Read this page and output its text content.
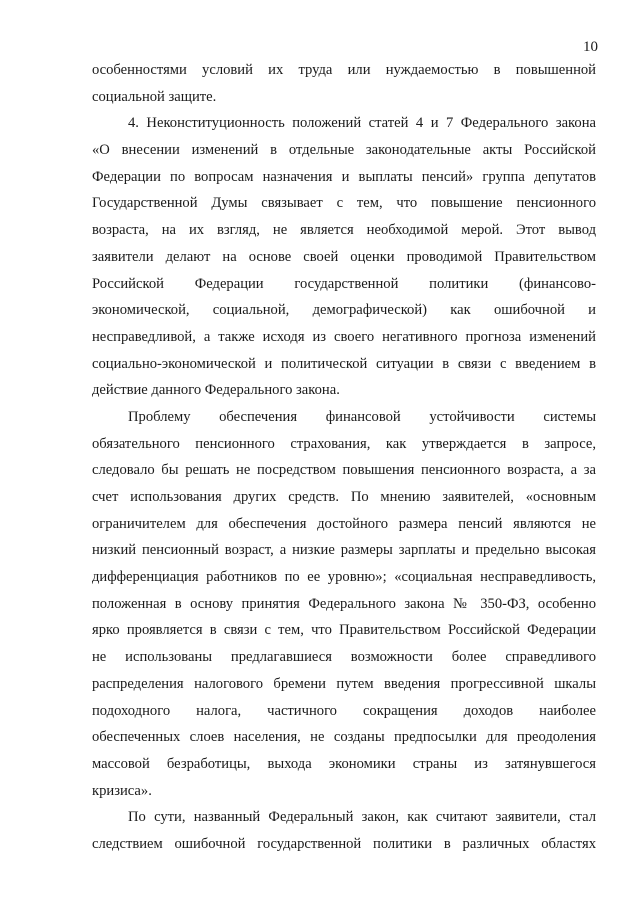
10
особенностями условий их труда или нуждаемостью в повышенной
социальной защите.
4. Неконституционность положений статей 4 и 7 Федерального закона
«О внесении изменений в отдельные законодательные акты Российской
Федерации по вопросам назначения и выплаты пенсий» группа депутатов
Государственной Думы связывает с тем, что повышение пенсионного
возраста, на их взгляд, не является необходимой мерой. Этот вывод
заявители делают на основе своей оценки проводимой Правительством
Российской Федерации государственной политики (финансово-
экономической, социальной, демографической) как ошибочной и
несправедливой, а также исходя из своего негативного прогноза изменений
социально-экономической и политической ситуации в связи с введением в
действие данного Федерального закона.
Проблему обеспечения финансовой устойчивости системы
обязательного пенсионного страхования, как утверждается в запросе,
следовало бы решать не посредством повышения пенсионного возраста, а за
счет использования других средств. По мнению заявителей, «основным
ограничителем для обеспечения достойного размера пенсий являются не
низкий пенсионный возраст, а низкие размеры зарплаты и предельно высокая
дифференциация работников по ее уровню»; «социальная несправедливость,
положенная в основу принятия Федерального закона № 350-ФЗ, особенно
ярко проявляется в связи с тем, что Правительством Российской Федерации
не использованы предлагавшиеся возможности более справедливого
распределения налогового бремени путем введения прогрессивной шкалы
подоходного налога, частичного сокращения доходов наиболее
обеспеченных слоев населения, не созданы предпосылки для преодоления
массовой безработицы, выхода экономики страны из затянувшегося
кризиса».
По сути, названный Федеральный закон, как считают заявители, стал
следствием ошибочной государственной политики в различных областях
